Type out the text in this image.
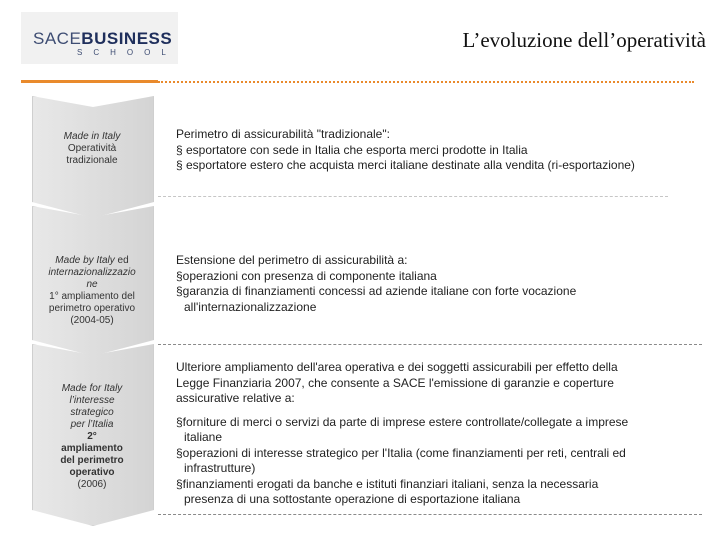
SACEBUSINESS
SCHOOL
L’evoluzione dell’operatività
Made in Italy
Operatività
tradizionale
Made by Italy ed
internazionalizzazio
ne
1° ampliamento del
perimetro operativo
(2004-05)
Made for Italy
l’interesse
strategico
per l’Italia
2°
ampliamento
del perimetro
operativo
(2006)
Perimetro di assicurabilità "tradizionale":
§ esportatore con sede in Italia che esporta merci prodotte in Italia
§ esportatore estero che acquista merci italiane destinate alla vendita (ri-esportazione)
Estensione del perimetro di assicurabilità a:
§operazioni con presenza di componente italiana
§garanzia di finanziamenti concessi ad aziende italiane con forte vocazione
all'internazionalizzazione
Ulteriore ampliamento dell'area operativa e dei soggetti assicurabili per effetto della
Legge Finanziaria 2007, che consente a SACE l'emissione di garanzie e coperture
assicurative relative a:
§forniture di merci o servizi da parte di imprese estere controllate/collegate a imprese
italiane
§operazioni di interesse strategico per l'Italia (come finanziamenti per reti, centrali ed
infrastrutture)
§finanziamenti erogati da banche e istituti finanziari italiani, senza la necessaria
presenza di una sottostante operazione di esportazione italiana
